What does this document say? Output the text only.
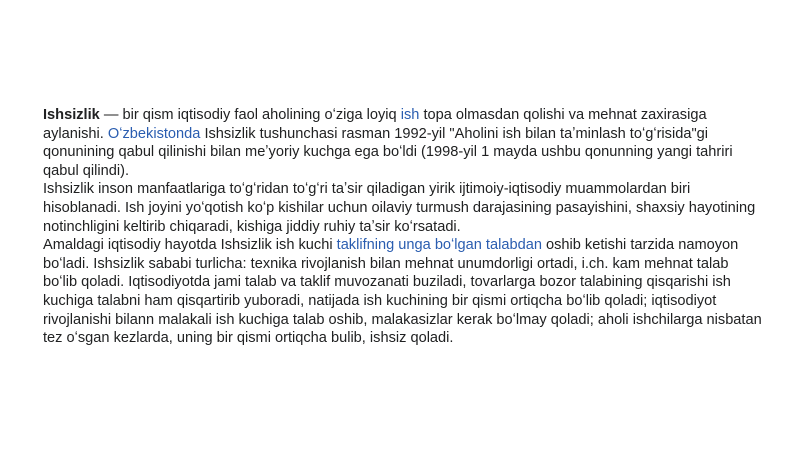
Ishsizlik — bir qism iqtisodiy faol aholining oʻziga loyiq ish topa olmasdan qolishi va mehnat zaxirasiga aylanishi. Oʻzbekistonda Ishsizlik tushunchasi rasman 1992-yil "Aholini ish bilan taʼminlash toʻgʻrisida"gi qonunining qabul qilinishi bilan meʼyoriy kuchga ega boʻldi (1998-yil 1 mayda ushbu qonunning yangi tahriri qabul qilindi).
Ishsizlik inson manfaatlariga toʻgʻridan toʻgʻri taʼsir qiladigan yirik ijtimoiy-iqtisodiy muammolardan biri hisoblanadi. Ish joyini yoʻqotish koʻp kishilar uchun oilaviy turmush darajasining pasayishini, shaxsiy hayotining notinchligini keltirib chiqaradi, kishiga jiddiy ruhiy taʼsir koʻrsatadi.
Amaldagi iqtisodiy hayotda Ishsizlik ish kuchi taklifning unga boʻlgan talabdan oshib ketishi tarzida namoyon boʻladi. Ishsizlik sababi turlicha: texnika rivojlanish bilan mehnat unumdorligi ortadi, i.ch. kam mehnat talab boʻlib qoladi. Iqtisodiyotda jami talab va taklif muvozanati buziladi, tovarlarga bozor talabining qisqarishi ish kuchiga talabni ham qisqartirib yuboradi, natijada ish kuchining bir qismi ortiqcha boʻlib qoladi; iqtisodiyot rivojlanishi bilann malakali ish kuchiga talab oshib, malakasizlar kerak boʻlmay qoladi; aholi ishchilarga nisbatan tez oʻsgan kezlarda, uning bir qismi ortiqcha bulib, ishsiz qoladi.
